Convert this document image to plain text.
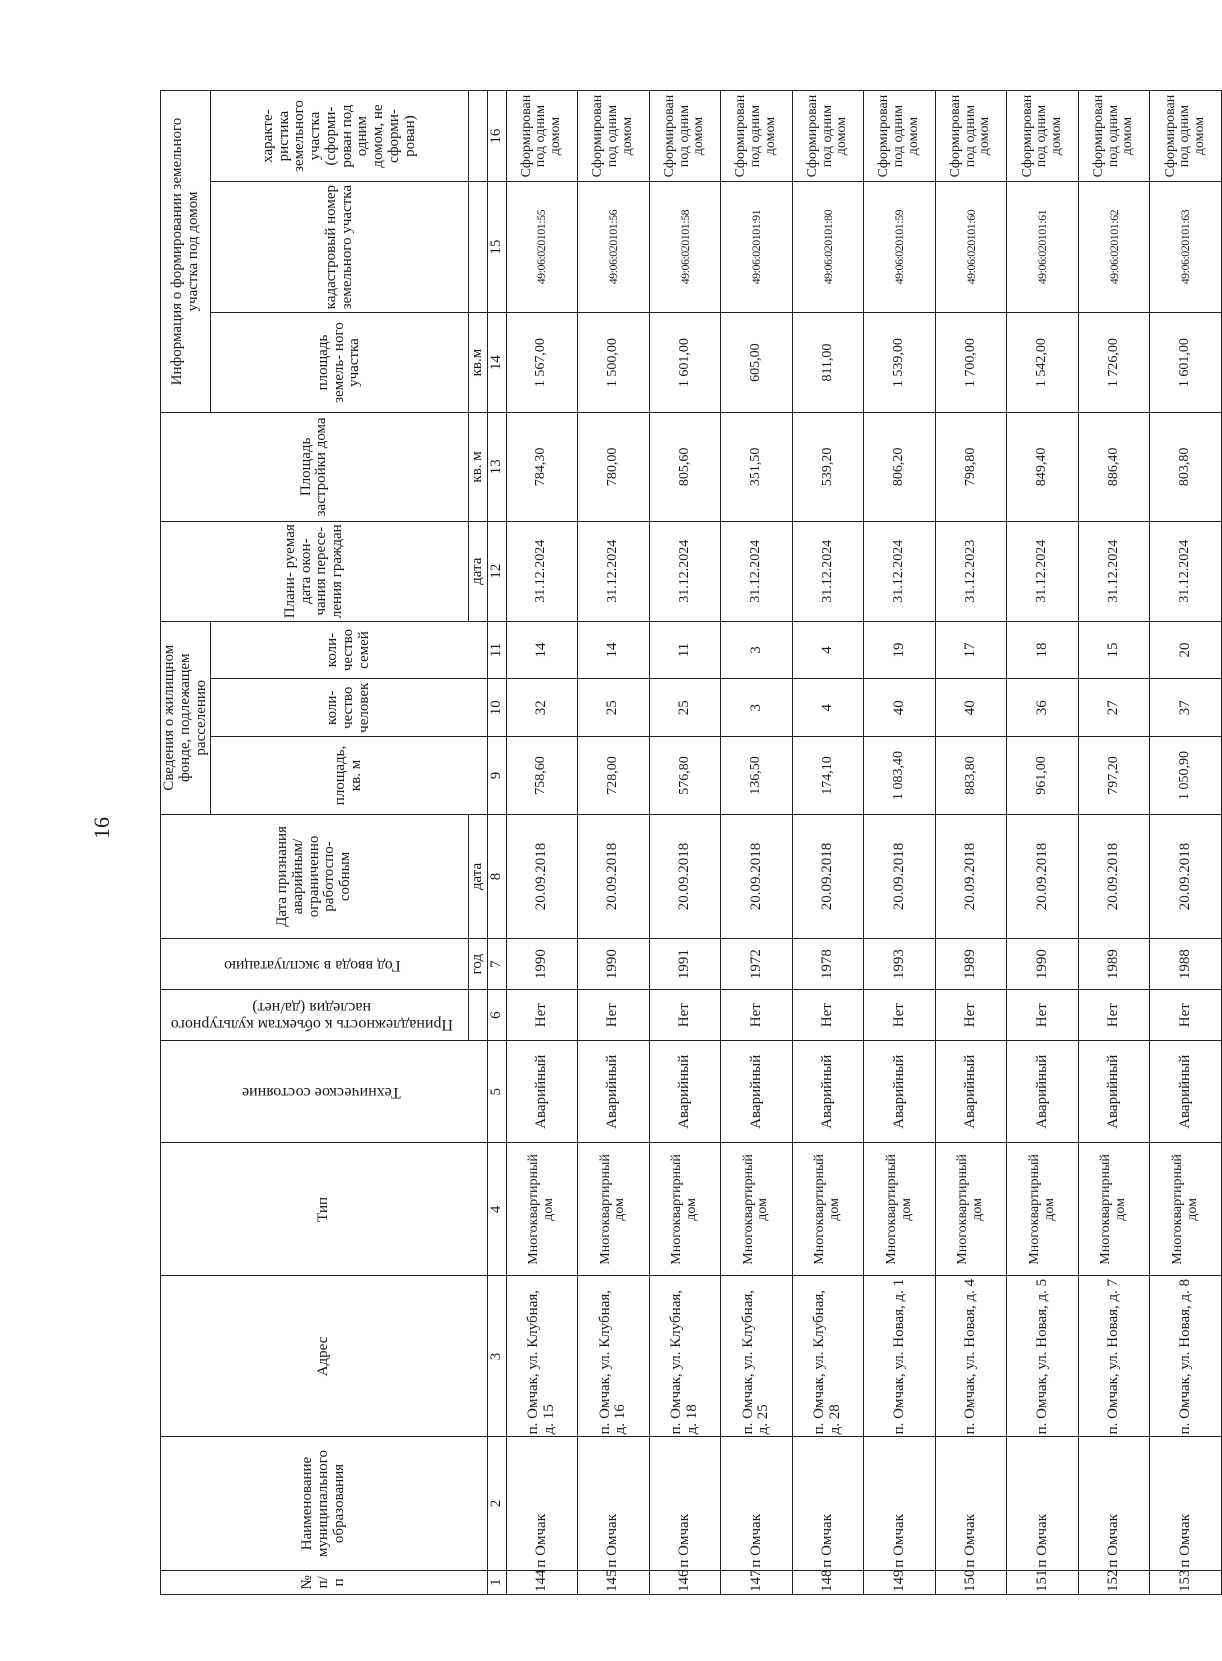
16
№ п/п	Наименование муниципального образования	Адрес	Тип	Техническое состояние	Принадлежность к объектам культурного наследия (да/нет)	Год ввода в эксплуатацию	Дата признания аварийным/ ограниченно работоспо- собным	Сведения о жилищном фонде, подлежащем расселению			Плани- руемая дата окон- чания пересе- ления граждан	Площадь застройки дома	Информация о формировании земельного участка под домом		
								площадь, кв. м	коли- чество человек	коли- чество семей			площадь земель- ного участка	кадастровый номер земельного участка	характе- ристика земельного участка (сформи- рован под одним домом, не сформи- рован)
						год	дата				дата	кв. м	кв.м		
1	2	3	4	5	6	7	8	9	10	11	12	13	14	15	16
144	п Омчак	п. Омчак, ул. Клубная, д. 15	Многоквартирный дом	Аварийный	Нет	1990	20.09.2018	758,60	32	14	31.12.2024	784,30	1 567,00	49:06:020101:55	Сформирован под одним домом
145	п Омчак	п. Омчак, ул. Клубная, д. 16	Многоквартирный дом	Аварийный	Нет	1990	20.09.2018	728,00	25	14	31.12.2024	780,00	1 500,00	49:06:020101:56	Сформирован под одним домом
146	п Омчак	п. Омчак, ул. Клубная, д. 18	Многоквартирный дом	Аварийный	Нет	1991	20.09.2018	576,80	25	11	31.12.2024	805,60	1 601,00	49:06:020101:58	Сформирован под одним домом
147	п Омчак	п. Омчак, ул. Клубная, д. 25	Многоквартирный дом	Аварийный	Нет	1972	20.09.2018	136,50	3	3	31.12.2024	351,50	605,00	49:06:020101:91	Сформирован под одним домом
148	п Омчак	п. Омчак, ул. Клубная, д. 28	Многоквартирный дом	Аварийный	Нет	1978	20.09.2018	174,10	4	4	31.12.2024	539,20	811,00	49:06:020101:80	Сформирован под одним домом
149	п Омчак	п. Омчак, ул. Новая, д. 1	Многоквартирный дом	Аварийный	Нет	1993	20.09.2018	1 083,40	40	19	31.12.2024	806,20	1 539,00	49:06:020101:59	Сформирован под одним домом
150	п Омчак	п. Омчак, ул. Новая, д. 4	Многоквартирный дом	Аварийный	Нет	1989	20.09.2018	883,80	40	17	31.12.2023	798,80	1 700,00	49:06:020101:60	Сформирован под одним домом
151	п Омчак	п. Омчак, ул. Новая, д. 5	Многоквартирный дом	Аварийный	Нет	1990	20.09.2018	961,00	36	18	31.12.2024	849,40	1 542,00	49:06:020101:61	Сформирован под одним домом
152	п Омчак	п. Омчак, ул. Новая, д. 7	Многоквартирный дом	Аварийный	Нет	1989	20.09.2018	797,20	27	15	31.12.2024	886,40	1 726,00	49:06:020101:62	Сформирован под одним домом
153	п Омчак	п. Омчак, ул. Новая, д. 8	Многоквартирный дом	Аварийный	Нет	1988	20.09.2018	1 050,90	37	20	31.12.2024	803,80	1 601,00	49:06:020101:63	Сформирован под одним домом
